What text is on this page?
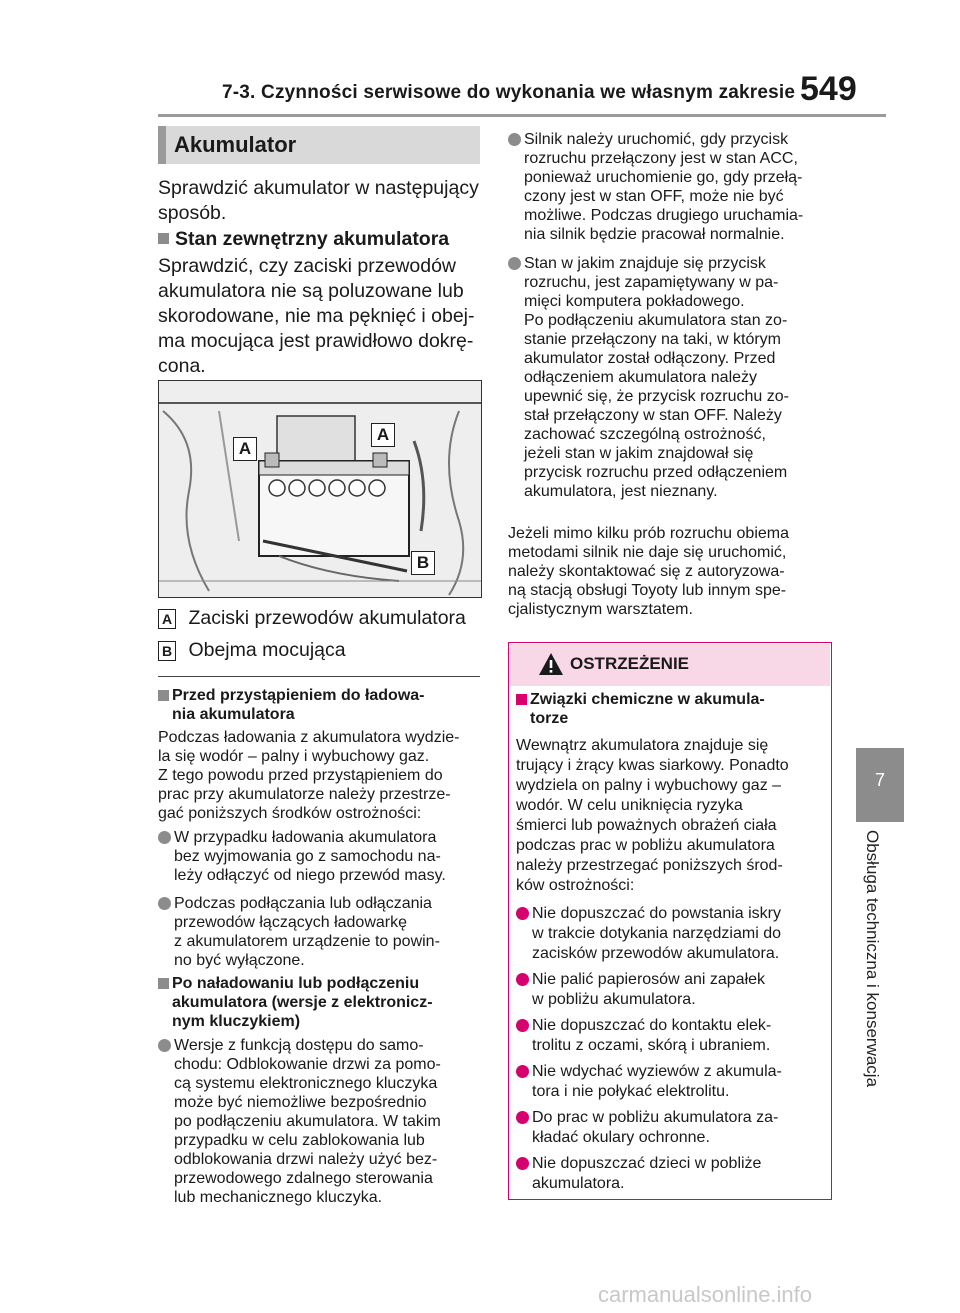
7-3. Czynności serwisowe do wykonania we własnym zakresie 549
7
Obsługa techniczna i konserwacja
Akumulator
Sprawdzić akumulator w następujący
sposób.
Stan zewnętrzny akumulatora
Sprawdzić, czy zaciski przewodów
akumulatora nie są poluzowane lub
skorodowane, nie ma pęknięć i obej-
ma mocująca jest prawidłowo dokrę-
cona.
A
A
B
A Zaciski przewodów akumulatora
B Obejma mocująca
Przed przystąpieniem do ładowa-
nia akumulatora
Podczas ładowania z akumulatora wydzie-
la się wodór – palny i wybuchowy gaz.
Z tego powodu przed przystąpieniem do
prac przy akumulatorze należy przestrze-
gać poniższych środków ostrożności:
W przypadku ładowania akumulatora
bez wyjmowania go z samochodu na-
leży odłączyć od niego przewód masy.
Podczas podłączania lub odłączania
przewodów łączących ładowarkę
z akumulatorem urządzenie to powin-
no być wyłączone.
Po naładowaniu lub podłączeniu
akumulatora (wersje z elektronicz-
nym kluczykiem)
Wersje z funkcją dostępu do samo-
chodu: Odblokowanie drzwi za pomo-
cą systemu elektronicznego kluczyka
może być niemożliwe bezpośrednio
po podłączeniu akumulatora. W takim
przypadku w celu zablokowania lub
odblokowania drzwi należy użyć bez-
przewodowego zdalnego sterowania
lub mechanicznego kluczyka.
Silnik należy uruchomić, gdy przycisk
rozruchu przełączony jest w stan ACC,
ponieważ uruchomienie go, gdy przełą-
czony jest w stan OFF, może nie być
możliwe. Podczas drugiego uruchamia-
nia silnik będzie pracował normalnie.
Stan w jakim znajduje się przycisk
rozruchu, jest zapamiętywany w pa-
mięci komputera pokładowego.
Po podłączeniu akumulatora stan zo-
stanie przełączony na taki, w którym
akumulator został odłączony. Przed
odłączeniem akumulatora należy
upewnić się, że przycisk rozruchu zo-
stał przełączony w stan OFF. Należy
zachować szczególną ostrożność,
jeżeli stan w jakim znajdował się
przycisk rozruchu przed odłączeniem
akumulatora, jest nieznany.
Jeżeli mimo kilku prób rozruchu obiema
metodami silnik nie daje się uruchomić,
należy skontaktować się z autoryzowa-
ną stacją obsługi Toyoty lub innym spe-
cjalistycznym warsztatem.
OSTRZEŻENIE
Związki chemiczne w akumula-
torze
Wewnątrz akumulatora znajduje się
trujący i żrący kwas siarkowy. Ponadto
wydziela on palny i wybuchowy gaz –
wodór. W celu uniknięcia ryzyka
śmierci lub poważnych obrażeń ciała
podczas prac w pobliżu akumulatora
należy przestrzegać poniższych środ-
ków ostrożności:
Nie dopuszczać do powstania iskry
w trakcie dotykania narzędziami do
zacisków przewodów akumulatora.
Nie palić papierosów ani zapałek
w pobliżu akumulatora.
Nie dopuszczać do kontaktu elek-
trolitu z oczami, skórą i ubraniem.
Nie wdychać wyziewów z akumula-
tora i nie połykać elektrolitu.
Do prac w pobliżu akumulatora za-
kładać okulary ochronne.
Nie dopuszczać dzieci w pobliże
akumulatora.
carmanualsonline.info
